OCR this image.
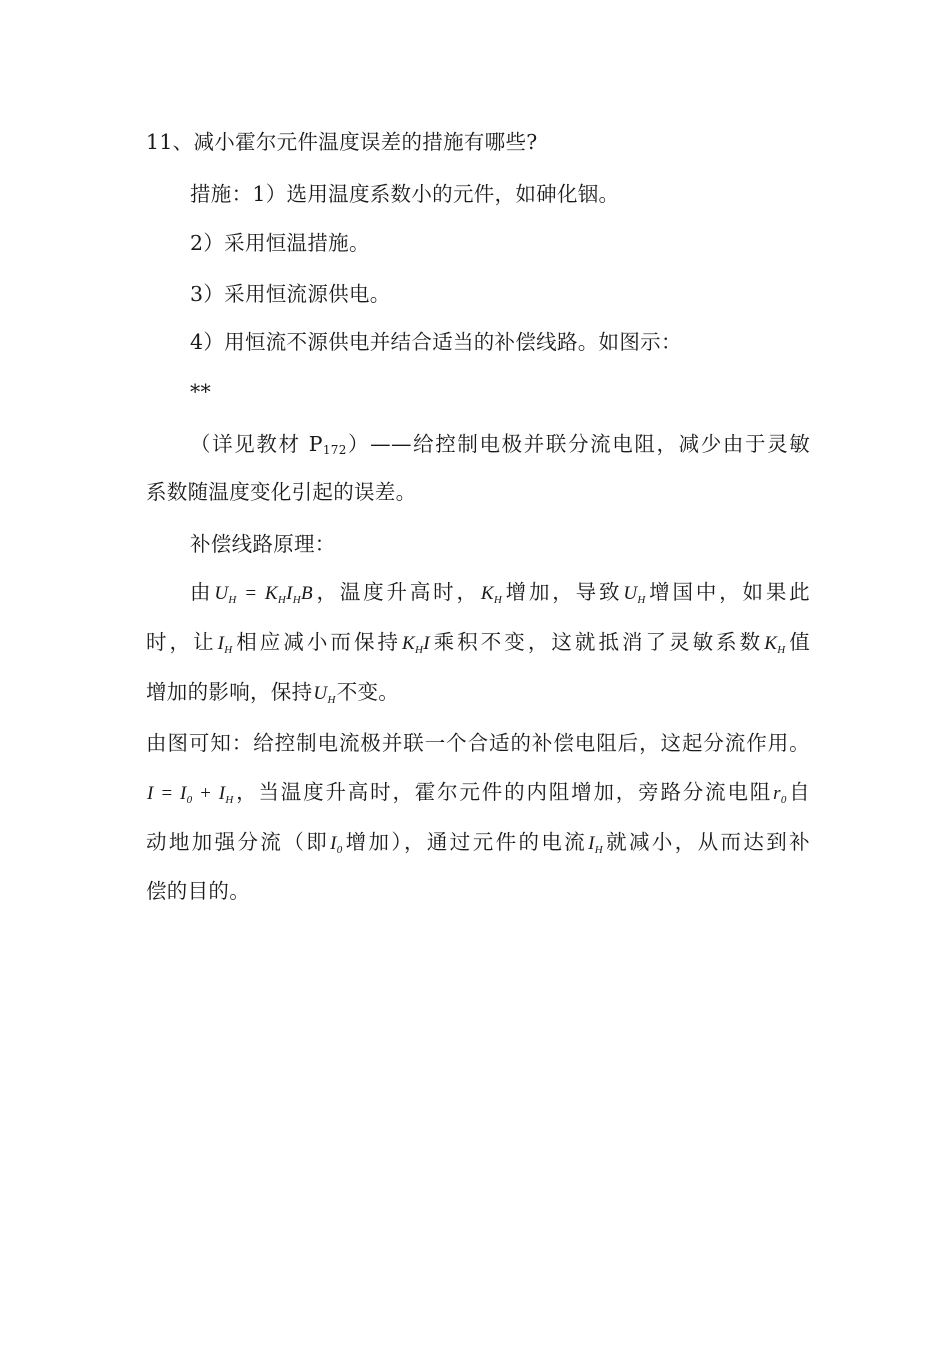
11、减小霍尔元件温度误差的措施有哪些?
措施：1）选用温度系数小的元件，如砷化铟。
2）采用恒温措施。
3）采用恒流源供电。
4）用恒流不源供电并结合适当的补偿线路。如图示：
**
（详见教材 P172）——给控制电极并联分流电阻，减少由于灵敏
系数随温度变化引起的误差。
补偿线路原理：
由$U_H = K_HI_HB$，温度升高时，$K_H$增加，导致$U_H$增国中，如果此
时，让$I_H$相应减小而保持$K_HI$乘积不变，这就抵消了灵敏系数$K_H$值
增加的影响，保持$U_H$不变。
由图可知：给控制电流极并联一个合适的补偿电阻后，这起分流作用。
$I = I_0 + I_H$，当温度升高时，霍尔元件的内阻增加，旁路分流电阻$r_0$自
动地加强分流（即$I_0$增加），通过元件的电流$I_H$就减小，从而达到补
偿的目的。
